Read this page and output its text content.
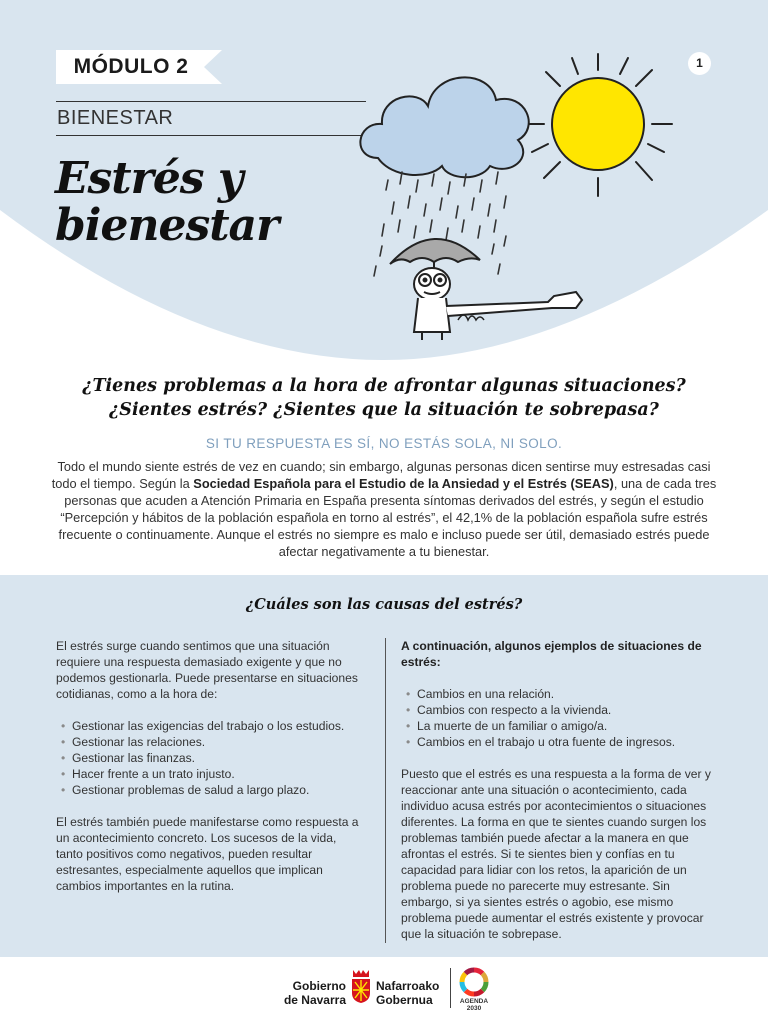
MÓDULO 2	1
BIENESTAR
Estrés y
bienestar
¿Tienes problemas a la hora de afrontar algunas situaciones?
¿Sientes estrés? ¿Sientes que la situación te sobrepasa?
SI TU RESPUESTA ES SÍ, NO ESTÁS SOLA, NI SOLO.

Todo el mundo siente estrés de vez en cuando; sin embargo, algunas personas dicen sentirse muy estresadas casi todo el tiempo. Según la Sociedad Española para el Estudio de la Ansiedad y el Estrés (SEAS), una de cada tres personas que acuden a Atención Primaria en España presenta síntomas derivados del estrés, y según el estudio “Percepción y hábitos de la población española en torno al estrés”, el 42,1% de la población española sufre estrés frecuente o continuamente. Aunque el estrés no siempre es malo e incluso puede ser útil, demasiado estrés puede afectar negativamente a tu bienestar.

¿Cuáles son las causas del estrés?

El estrés surge cuando sentimos que una situación requiere una respuesta demasiado exigente y que no podemos gestionarla. Puede presentarse en situaciones cotidianas, como a la hora de:

• Gestionar las exigencias del trabajo o los estudios.
• Gestionar las relaciones.
• Gestionar las finanzas.
• Hacer frente a un trato injusto.
• Gestionar problemas de salud a largo plazo.

El estrés también puede manifestarse como respuesta a un acontecimiento concreto. Los sucesos de la vida, tanto positivos como negativos, pueden resultar estresantes, especialmente aquellos que implican cambios importantes en la rutina.

A continuación, algunos ejemplos de situaciones de estrés:

• Cambios en una relación.
• Cambios con respecto a la vivienda.
• La muerte de un familiar o amigo/a.
• Cambios en el trabajo u otra fuente de ingresos.

Puesto que el estrés es una respuesta a la forma de ver y reaccionar ante una situación o acontecimiento, cada individuo acusa estrés por acontecimientos o situaciones diferentes. La forma en que te sientes cuando surgen los problemas también puede afectar a la manera en que afrontas el estrés. Si te sientes bien y confías en tu capacidad para lidiar con los retos, la aparición de un problema puede no parecerte muy estresante. Sin embargo, si ya sientes estrés o agobio, ese mismo problema puede aumentar el estrés existente y provocar que la situación te sobrepase.

Gobierno
de Navarra
Nafarroako
Gobernua	AGENDA
2030
